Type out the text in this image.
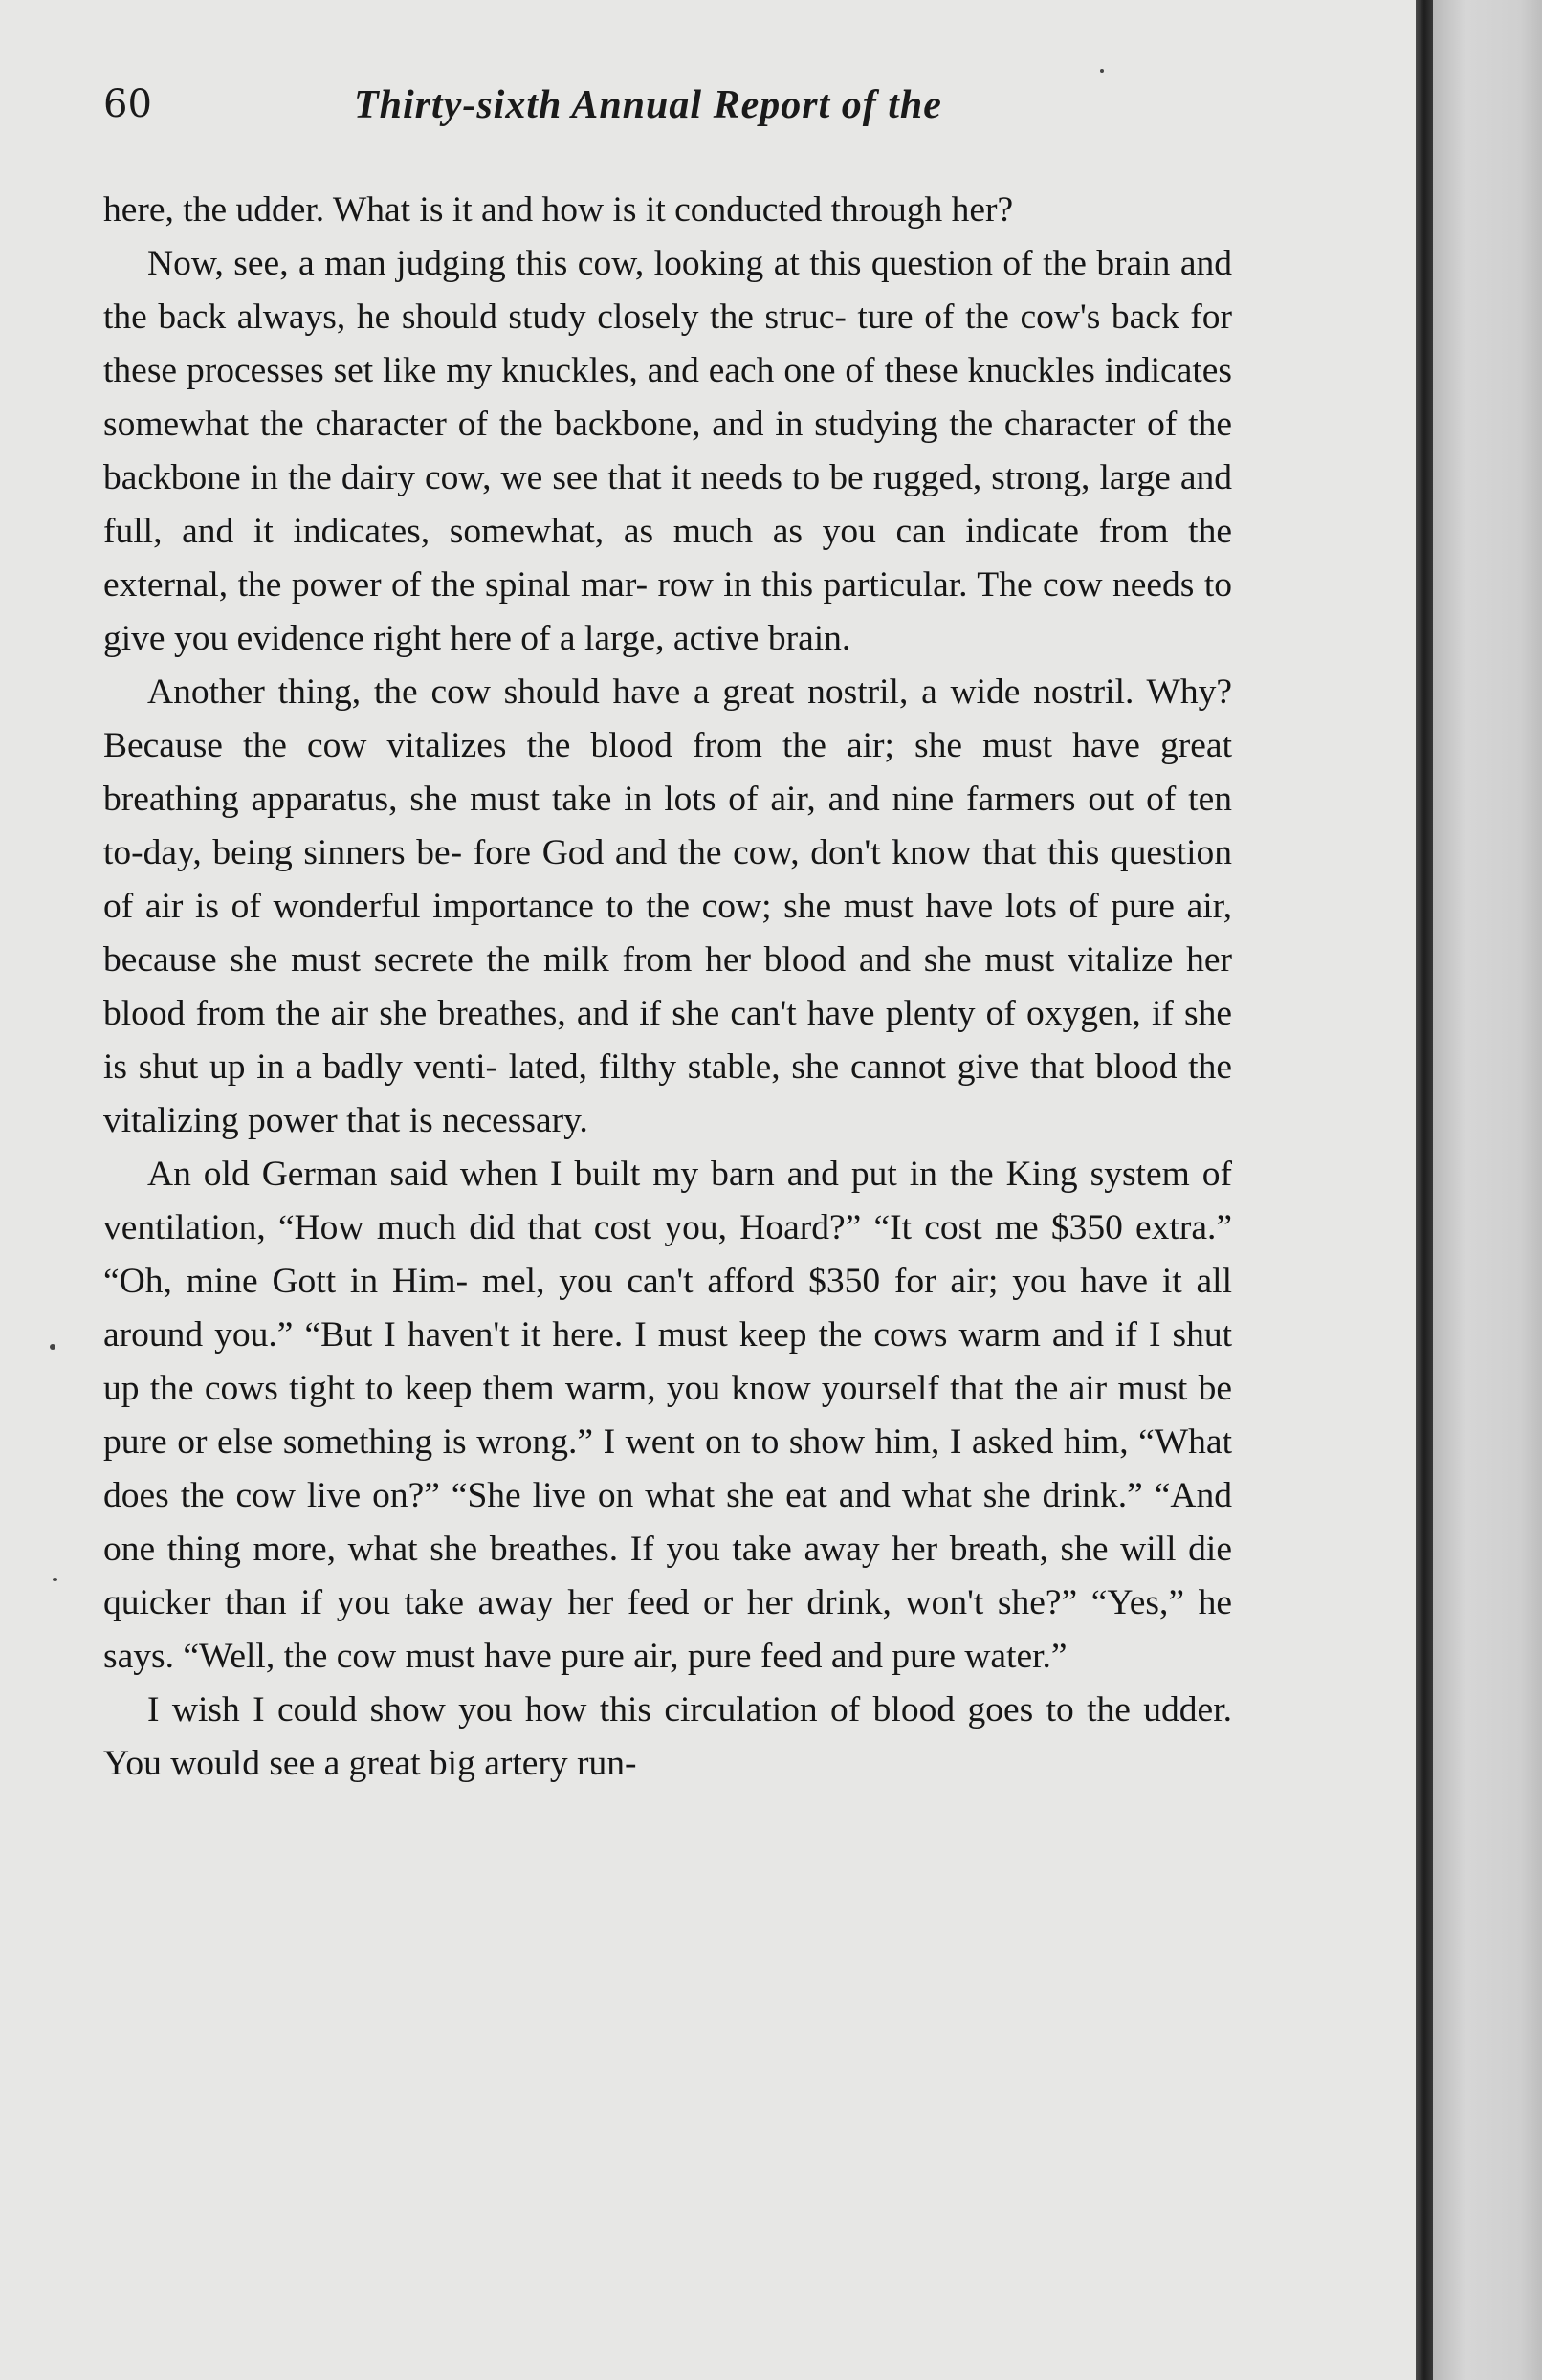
60	Thirty-sixth Annual Report of the

here, the udder. What is it and how is it conducted through her?

Now, see, a man judging this cow, looking at this question of the brain and the back always, he should study closely the struc- ture of the cow's back for these processes set like my knuckles, and each one of these knuckles indicates somewhat the character of the backbone, and in studying the character of the backbone in the dairy cow, we see that it needs to be rugged, strong, large and full, and it indicates, somewhat, as much as you can indicate from the external, the power of the spinal mar- row in this particular. The cow needs to give you evidence right here of a large, active brain.

Another thing, the cow should have a great nostril, a wide nostril. Why? Because the cow vitalizes the blood from the air; she must have great breathing apparatus, she must take in lots of air, and nine farmers out of ten to-day, being sinners be- fore God and the cow, don't know that this question of air is of wonderful importance to the cow; she must have lots of pure air, because she must secrete the milk from her blood and she must vitalize her blood from the air she breathes, and if she can't have plenty of oxygen, if she is shut up in a badly venti- lated, filthy stable, she cannot give that blood the vitalizing power that is necessary.

An old German said when I built my barn and put in the King system of ventilation, “How much did that cost you, Hoard?” “It cost me $350 extra.” “Oh, mine Gott in Him- mel, you can't afford $350 for air; you have it all around you.” “But I haven't it here. I must keep the cows warm and if I shut up the cows tight to keep them warm, you know yourself that the air must be pure or else something is wrong.” I went on to show him, I asked him, “What does the cow live on?” “She live on what she eat and what she drink.” “And one thing more, what she breathes. If you take away her breath, she will die quicker than if you take away her feed or her drink, won't she?” “Yes,” he says. “Well, the cow must have pure air, pure feed and pure water.”

I wish I could show you how this circulation of blood goes to the udder. You would see a great big artery run-
